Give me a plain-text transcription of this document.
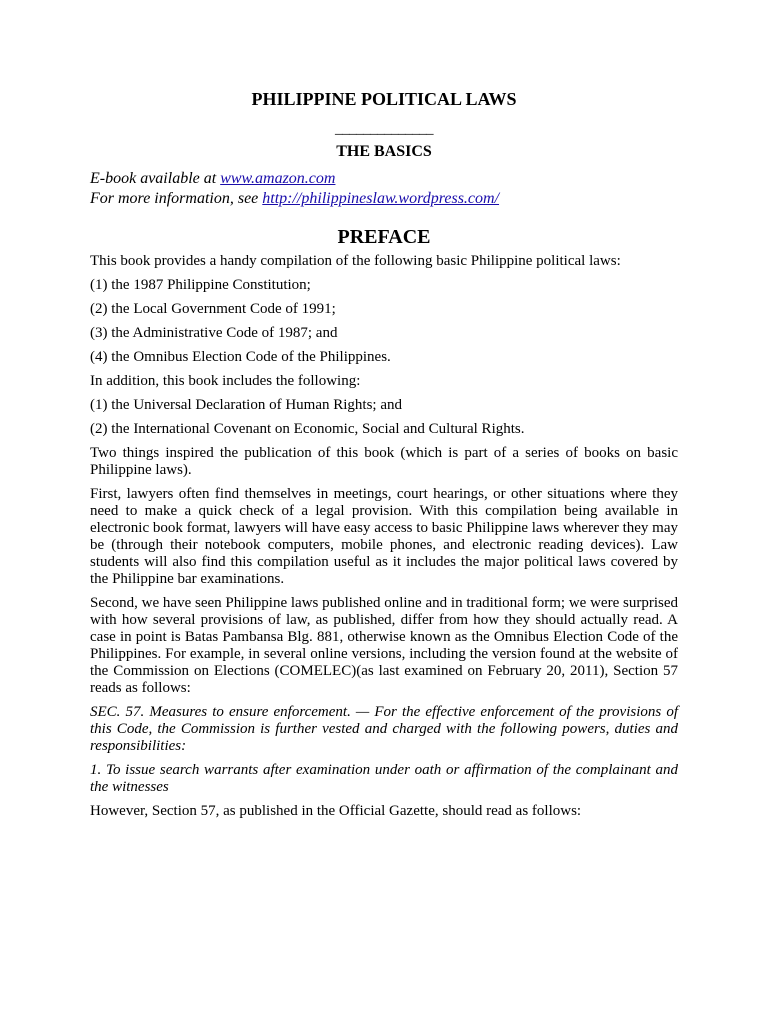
PHILIPPINE POLITICAL LAWS

______________

THE BASICS

E-book available at www.amazon.com
For more information, see http://philippineslaw.wordpress.com/

PREFACE

This book provides a handy compilation of the following basic Philippine political laws:

(1) the 1987 Philippine Constitution;

(2) the Local Government Code of 1991;

(3) the Administrative Code of 1987; and

(4) the Omnibus Election Code of the Philippines.

In addition, this book includes the following:

(1) the Universal Declaration of Human Rights; and

(2) the International Covenant on Economic, Social and Cultural Rights.

Two things inspired the publication of this book (which is part of a series of books on basic Philippine laws).

First, lawyers often find themselves in meetings, court hearings, or other situations where they need to make a quick check of a legal provision. With this compilation being available in electronic book format, lawyers will have easy access to basic Philippine laws wherever they may be (through their notebook computers, mobile phones, and electronic reading devices). Law students will also find this compilation useful as it includes the major political laws covered by the Philippine bar examinations.

Second, we have seen Philippine laws published online and in traditional form; we were surprised with how several provisions of law, as published, differ from how they should actually read. A case in point is Batas Pambansa Blg. 881, otherwise known as the Omnibus Election Code of the Philippines. For example, in several online versions, including the version found at the website of the Commission on Elections (COMELEC)(as last examined on February 20, 2011), Section 57 reads as follows:

SEC. 57. Measures to ensure enforcement. — For the effective enforcement of the provisions of this Code, the Commission is further vested and charged with the following powers, duties and responsibilities:

1. To issue search warrants after examination under oath or affirmation of the complainant and the witnesses

However, Section 57, as published in the Official Gazette, should read as follows:
